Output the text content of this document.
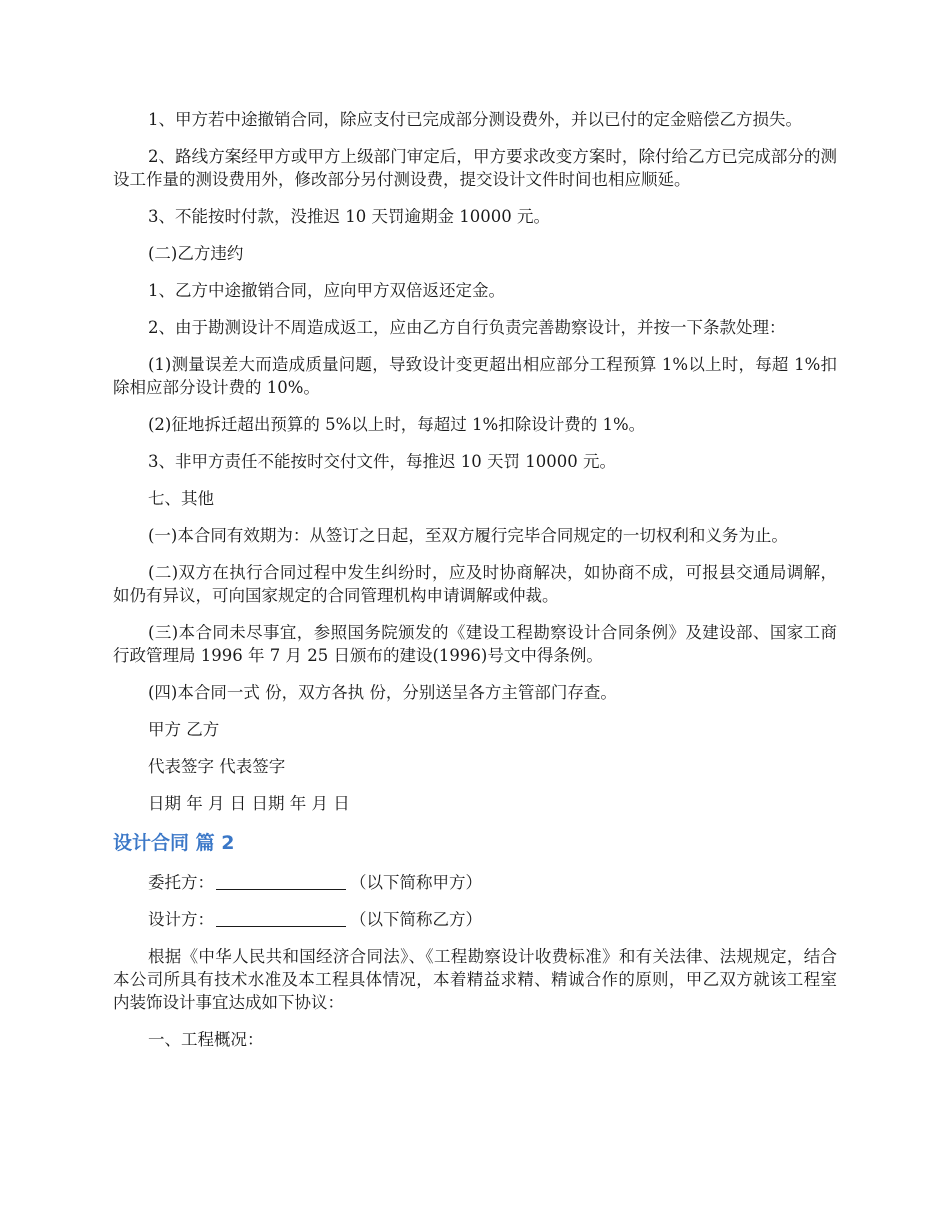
1、甲方若中途撤销合同，除应支付已完成部分测设费外，并以已付的定金赔偿乙方损失。

2、路线方案经甲方或甲方上级部门审定后，甲方要求改变方案时，除付给乙方已完成部分的测设工作量的测设费用外，修改部分另付测设费，提交设计文件时间也相应顺延。

3、不能按时付款，没推迟 10 天罚逾期金 10000 元。

(二)乙方违约

1、乙方中途撤销合同，应向甲方双倍返还定金。

2、由于勘测设计不周造成返工，应由乙方自行负责完善勘察设计，并按一下条款处理：

(1)测量误差大而造成质量问题，导致设计变更超出相应部分工程预算 1%以上时，每超 1%扣除相应部分设计费的 10%。

(2)征地拆迁超出预算的 5%以上时，每超过 1%扣除设计费的 1%。

3、非甲方责任不能按时交付文件，每推迟 10 天罚 10000 元。

七、其他

(一)本合同有效期为：从签订之日起，至双方履行完毕合同规定的一切权利和义务为止。

(二)双方在执行合同过程中发生纠纷时，应及时协商解决，如协商不成，可报县交通局调解，如仍有异议，可向国家规定的合同管理机构申请调解或仲裁。

(三)本合同未尽事宜，参照国务院颁发的《建设工程勘察设计合同条例》及建设部、国家工商行政管理局 1996 年 7 月 25 日颁布的建设(1996)号文中得条例。

(四)本合同一式 份，双方各执 份，分别送呈各方主管部门存查。

甲方 乙方

代表签字 代表签字

日期 年 月 日 日期 年 月 日

设计合同 篇 2

委托方：	（以下简称甲方）

设计方：	（以下简称乙方）

根据《中华人民共和国经济合同法》、《工程勘察设计收费标准》和有关法律、法规规定，结合本公司所具有技术水准及本工程具体情况，本着精益求精、精诚合作的原则，甲乙双方就该工程室内装饰设计事宜达成如下协议：

一、工程概况：
